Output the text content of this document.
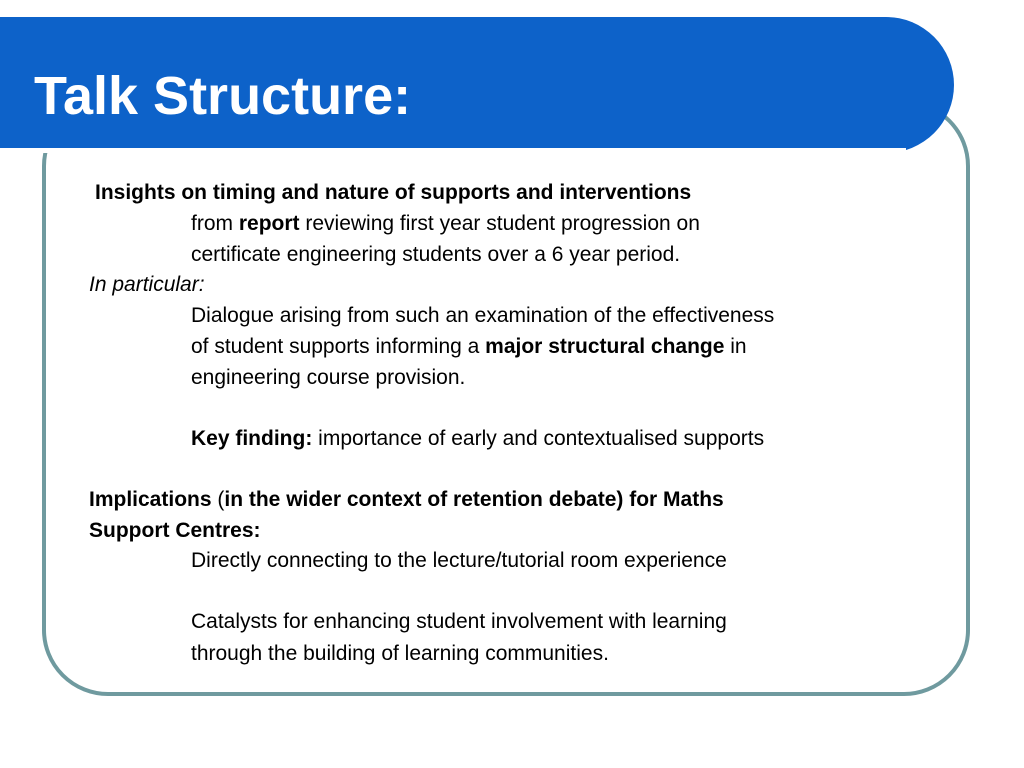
Talk Structure:
Insights on timing and nature of supports and interventions
from report reviewing first year student progression on
certificate engineering students over a 6 year period.
In particular:
Dialogue arising from such an examination of the effectiveness
of student supports informing a major structural change in
engineering course provision.
Key finding: importance of early and contextualised supports
Implications (in the wider context of retention debate) for Maths
Support Centres:
Directly connecting to the lecture/tutorial room experience
Catalysts for enhancing student involvement with learning
through the building of learning communities.
